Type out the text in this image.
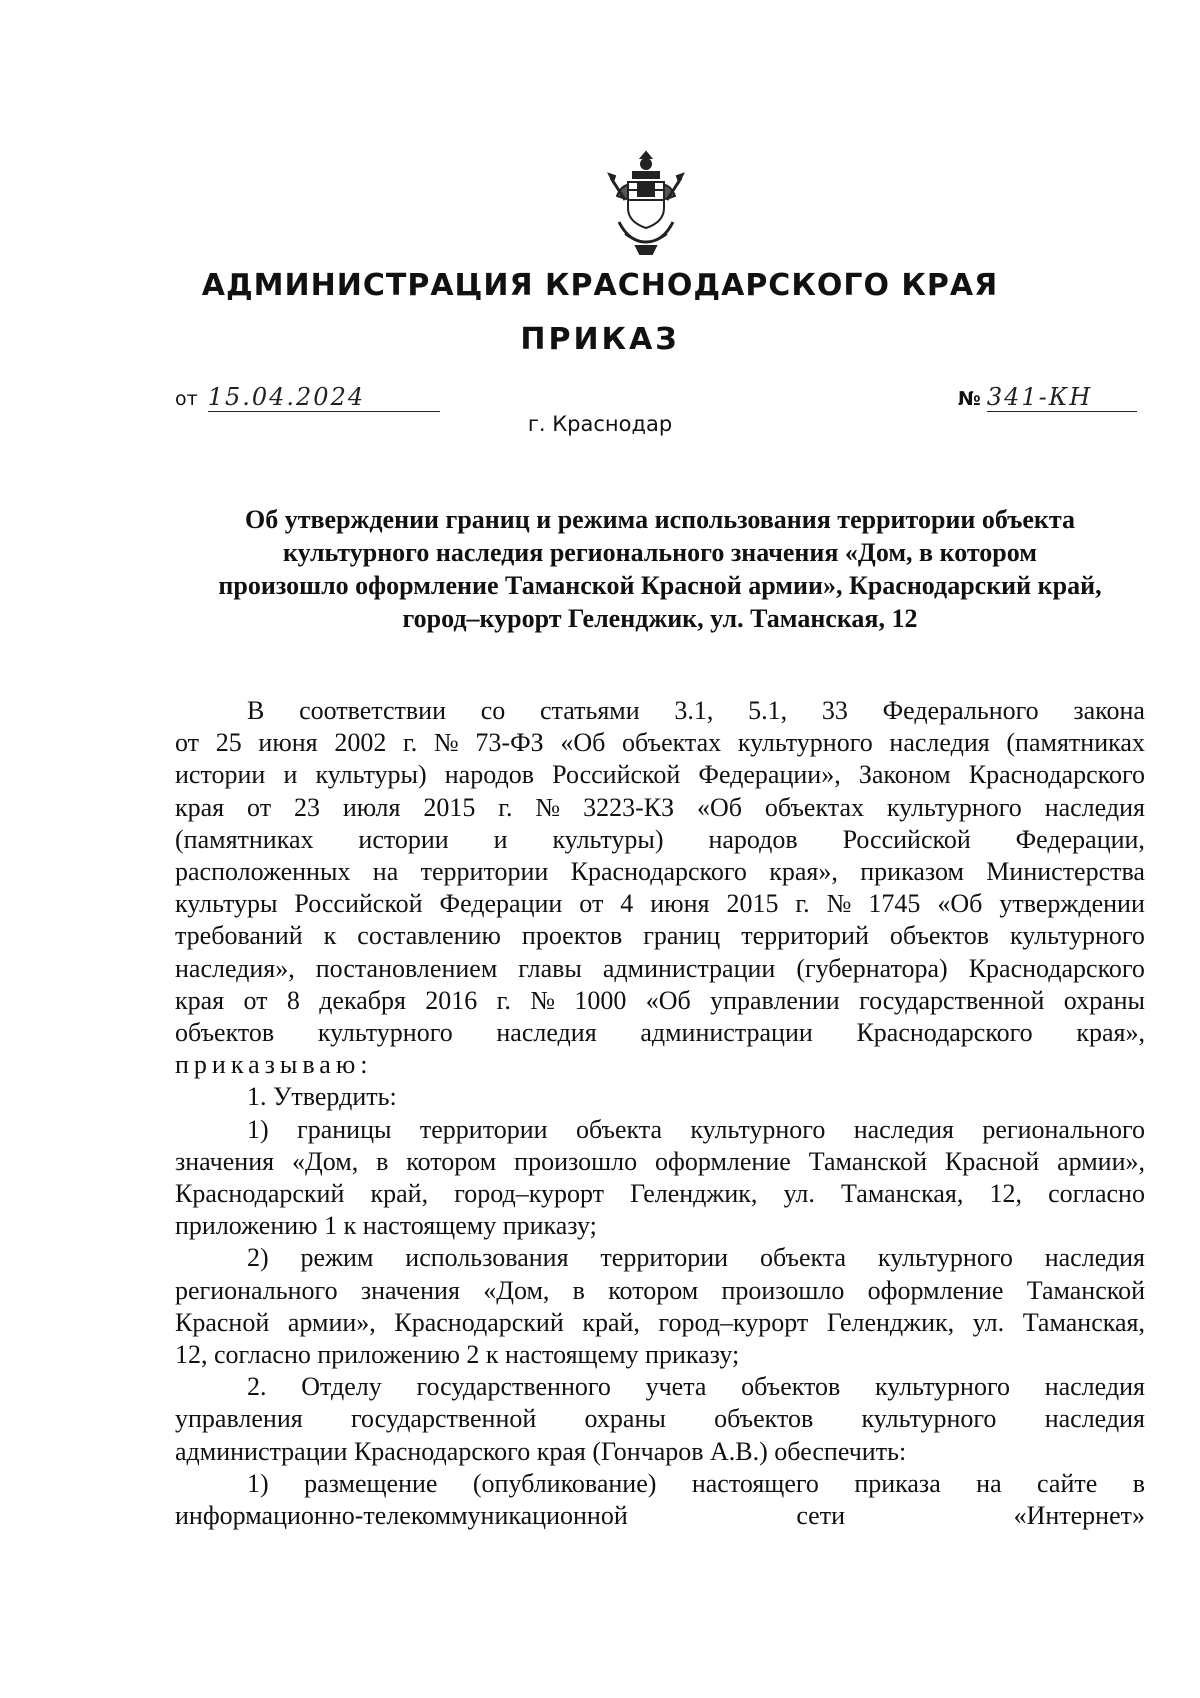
АДМИНИСТРАЦИЯ КРАСНОДАРСКОГО КРАЯ
ПРИКАЗ
от 15.04.2024	№ 341-КН
г. Краснодар
Об утверждении границ и режима использования территории объекта
культурного наследия регионального значения «Дом, в котором
произошло оформление Таманской Красной армии», Краснодарский край,
город–курорт Геленджик, ул. Таманская, 12
В соответствии со статьями 3.1, 5.1, 33 Федерального закона
от 25 июня 2002 г. № 73-ФЗ «Об объектах культурного наследия (памятниках
истории и культуры) народов Российской Федерации», Законом Краснодарского
края от 23 июля 2015 г. № 3223-КЗ «Об объектах культурного наследия
(памятниках истории и культуры) народов Российской Федерации,
расположенных на территории Краснодарского края», приказом Министерства
культуры Российской Федерации от 4 июня 2015 г. № 1745 «Об утверждении
требований к составлению проектов границ территорий объектов культурного
наследия», постановлением главы администрации (губернатора) Краснодарского
края от 8 декабря 2016 г. № 1000 «Об управлении государственной охраны
объектов культурного наследия администрации Краснодарского края»,
приказываю:
1. Утвердить:
1) границы территории объекта культурного наследия регионального
значения «Дом, в котором произошло оформление Таманской Красной армии»,
Краснодарский край, город–курорт Геленджик, ул. Таманская, 12, согласно
приложению 1 к настоящему приказу;
2) режим использования территории объекта культурного наследия
регионального значения «Дом, в котором произошло оформление Таманской
Красной армии», Краснодарский край, город–курорт Геленджик, ул. Таманская,
12, согласно приложению 2 к настоящему приказу;
2. Отделу государственного учета объектов культурного наследия
управления государственной охраны объектов культурного наследия
администрации Краснодарского края (Гончаров А.В.) обеспечить:
1) размещение (опубликование) настоящего приказа на сайте в
информационно-телекоммуникационной	сети	«Интернет»
